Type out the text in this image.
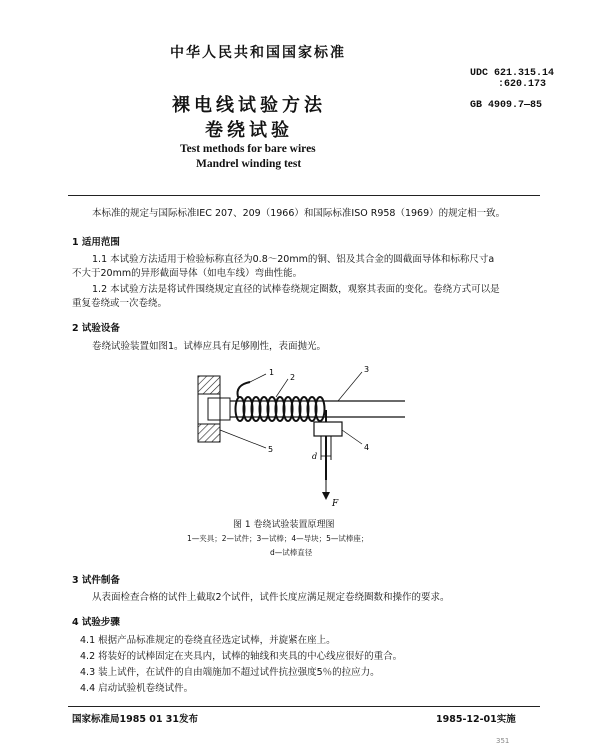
中华人民共和国国家标准
UDC 621.315.14
:620.173
GB 4909.7—85
裸电线试验方法
卷绕试验
Test methods for bare wires
Mandrel winding test
本标准的规定与国际标准IEC 207、209（1966）和国际标准ISO R958（1969）的规定相一致。
1 适用范围
1.1 本试验方法适用于检验标称直径为0.8～20mm的铜、铝及其合金的圆截面导体和标称尺寸a
不大于20mm的异形截面导体（如电车线）弯曲性能。
1.2 本试验方法是将试件围绕规定直径的试棒卷绕规定圈数，观察其表面的变化。卷绕方式可以是
重复卷绕或一次卷绕。
2 试验设备
卷绕试验装置如图1。试棒应具有足够刚性，表面抛光。
1
2
3
4
5
d
F
图 1 卷绕试验装置原理图
1—夹具；2—试件；3—试棒；4—导块；5—试棒座；
d—试棒直径
3 试件制备
从表面检查合格的试件上截取2个试件，试件长度应满足规定卷绕圈数和操作的要求。
4 试验步骤
4.1 根据产品标准规定的卷绕直径选定试棒，并旋紧在座上。
4.2 将装好的试棒固定在夹具内，试棒的轴线和夹具的中心线应很好的重合。
4.3 装上试件，在试件的自由端施加不超过试件抗拉强度5％的拉应力。
4.4 启动试验机卷绕试件。
国家标准局1985 01 31发布	1985-12-01实施
351
